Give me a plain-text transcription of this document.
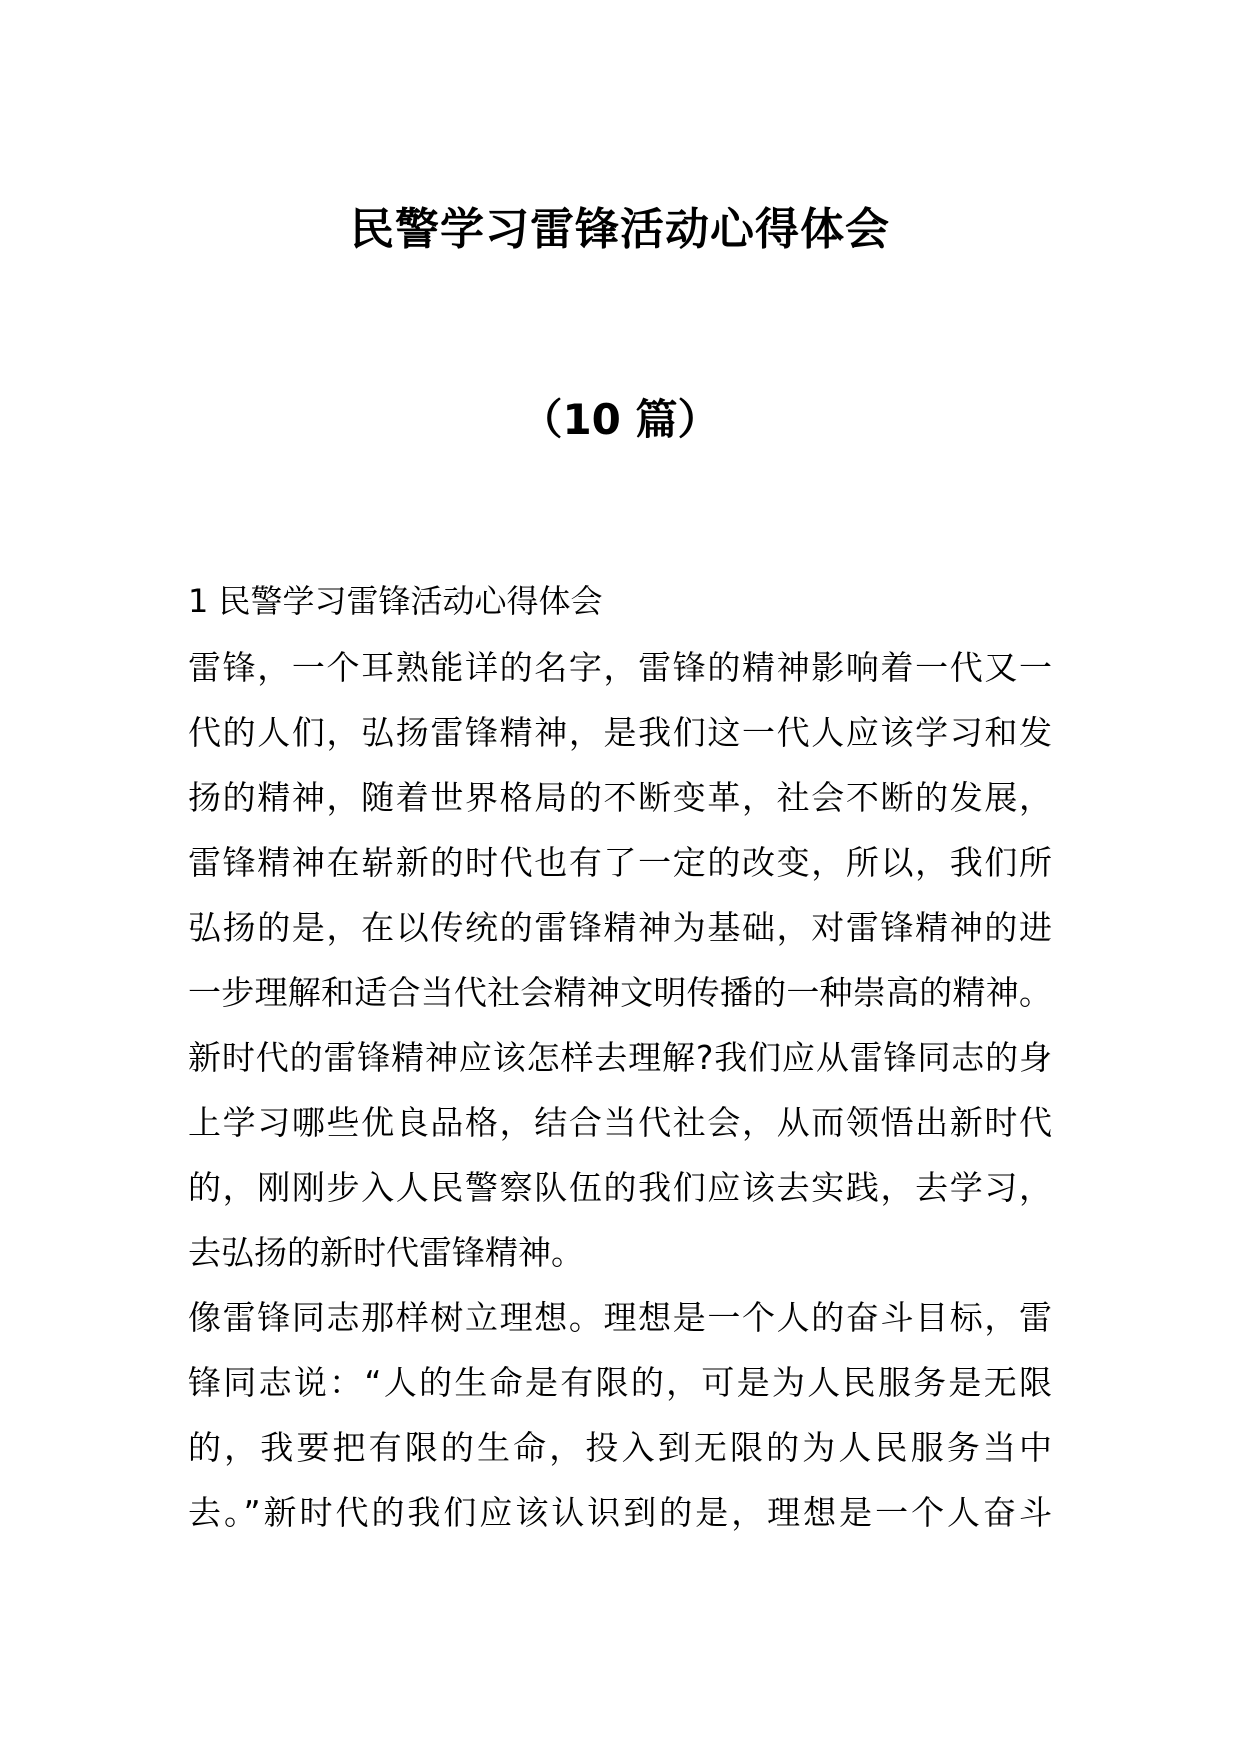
民警学习雷锋活动心得体会
（10 篇）
1 民警学习雷锋活动心得体会

雷锋，一个耳熟能详的名字，雷锋的精神影响着一代又一

代的人们，弘扬雷锋精神，是我们这一代人应该学习和发

扬的精神，随着世界格局的不断变革，社会不断的发展，

雷锋精神在崭新的时代也有了一定的改变，所以，我们所

弘扬的是，在以传统的雷锋精神为基础，对雷锋精神的进

一步理解和适合当代社会精神文明传播的一种崇高的精神。

新时代的雷锋精神应该怎样去理解?我们应从雷锋同志的身

上学习哪些优良品格，结合当代社会，从而领悟出新时代

的，刚刚步入人民警察队伍的我们应该去实践，去学习，

去弘扬的新时代雷锋精神。

像雷锋同志那样树立理想。理想是一个人的奋斗目标，雷

锋同志说：“人的生命是有限的，可是为人民服务是无限

的，我要把有限的生命，投入到无限的为人民服务当中

去。”新时代的我们应该认识到的是，理想是一个人奋斗
